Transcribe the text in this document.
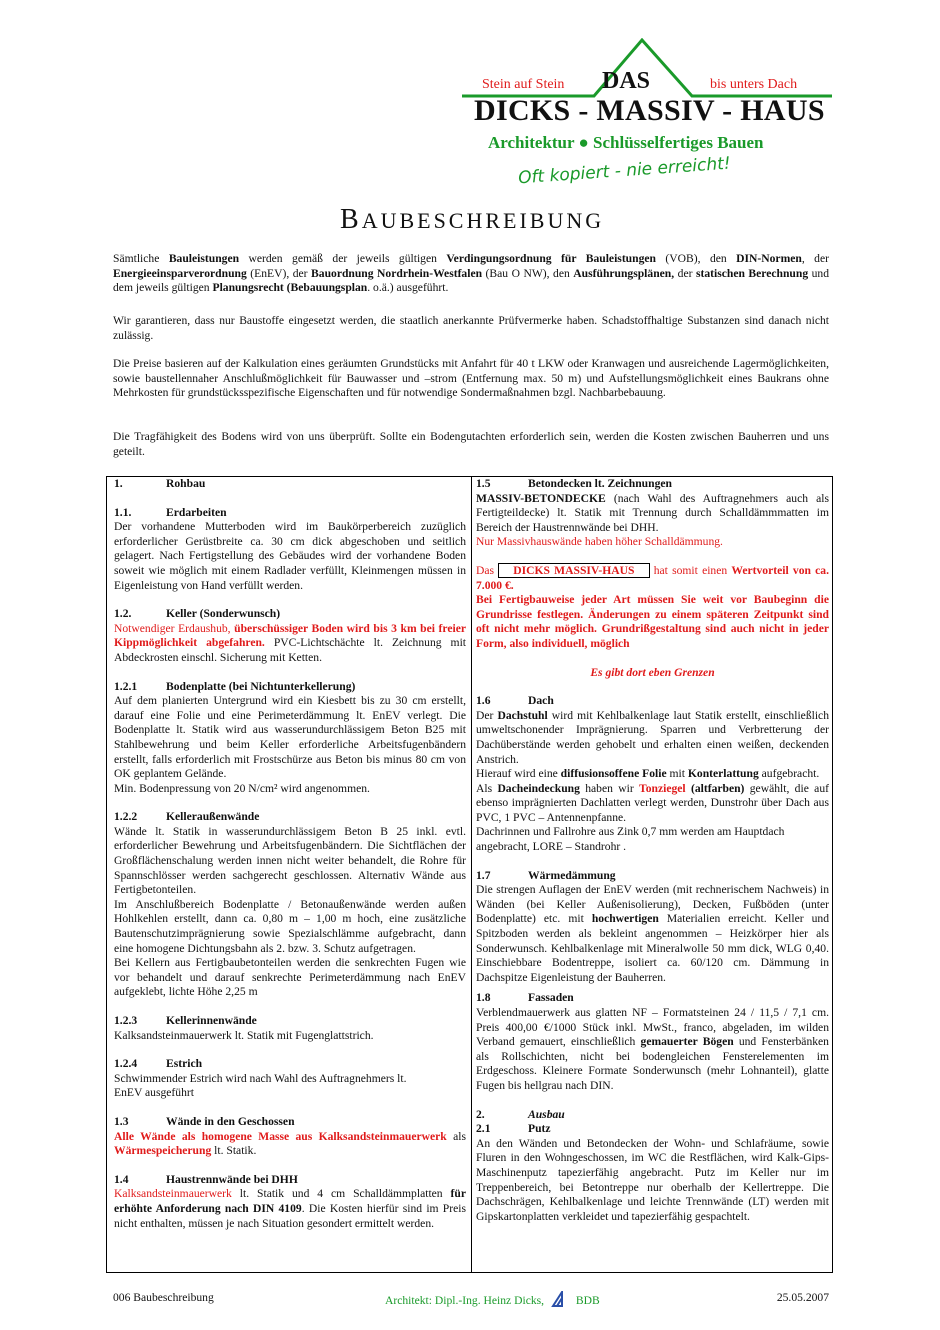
Stein auf Stein DAS	bis unters Dach
DICKS - MASSIV - HAUS
Architektur ● Schlüsselfertiges Bauen
Oft kopiert - nie erreicht!
BAUBESCHREIBUNG
Sämtliche Bauleistungen werden gemäß der jeweils gültigen Verdingungsordnung für Bauleistungen (VOB), den DIN-Normen, der Energieeinsparverordnung (EnEV), der Bauordnung Nordrhein-Westfalen (Bau O NW), den Ausführungsplänen, der statischen Berechnung und dem jeweils gültigen Planungsrecht (Bebauungsplan. o.ä.) ausgeführt.
Wir garantieren, dass nur Baustoffe eingesetzt werden, die staatlich anerkannte Prüfvermerke haben. Schadstoffhaltige Substanzen sind danach nicht zulässig.
Die Preise basieren auf der Kalkulation eines geräumten Grundstücks mit Anfahrt für 40 t LKW oder Kranwagen und ausreichende Lagermöglichkeiten, sowie baustellennaher Anschlußmöglichkeit für Bauwasser und –strom (Entfernung max. 50 m) und Aufstellungsmöglichkeit eines Baukrans ohne Mehrkosten für grundstücksspezifische Eigenschaften und für notwendige Sondermaßnahmen bzgl. Nachbarbebauung.
Die Tragfähigkeit des Bodens wird von uns überprüft. Sollte ein Bodengutachten erforderlich sein, werden die Kosten zwischen Bauherren und uns geteilt.
1.	Rohbau
1.1.	Erdarbeiten
Der vorhandene Mutterboden wird im Baukörperbereich zuzüglich erforderlicher Gerüstbreite ca. 30 cm dick abgeschoben und seitlich gelagert. Nach Fertigstellung des Gebäudes wird der vorhandene Boden soweit wie möglich mit einem Radlader verfüllt, Kleinmengen müssen in Eigenleistung von Hand verfüllt werden.
1.2.	Keller (Sonderwunsch)
Notwendiger Erdaushub, überschüssiger Boden wird bis 3 km bei freier Kippmöglichkeit abgefahren. PVC-Lichtschächte lt. Zeichnung mit Abdeckrosten einschl. Sicherung mit Ketten.
1.2.1	Bodenplatte (bei Nichtunterkellerung)
Auf dem planierten Untergrund wird ein Kiesbett bis zu 30 cm erstellt, darauf eine Folie und eine Perimeterdämmung lt. EnEV verlegt. Die Bodenplatte lt. Statik wird aus wasserundurchlässigem Beton B25 mit Stahlbewehrung und beim Keller erforderliche Arbeitsfugenbändern erstellt, falls erforderlich mit Frostschürze aus Beton bis minus 80 cm von OK geplantem Gelände.
Min. Bodenpressung von 20 N/cm² wird angenommen.
1.2.2	Kelleraußenwände
Wände lt. Statik in wasserundurchlässigem Beton B 25 inkl. evtl. erforderlicher Bewehrung und Arbeitsfugenbändern. Die Sichtflächen der Großflächenschalung werden innen nicht weiter behandelt, die Rohre für Spannschlösser werden sachgerecht geschlossen. Alternativ Wände aus Fertigbetonteilen.
Im Anschlußbereich Bodenplatte / Betonaußenwände werden außen Hohlkehlen erstellt, dann ca. 0,80 m – 1,00 m hoch, eine zusätzliche Bautenschutzimprägnierung sowie Spezialschlämme aufgebracht, dann eine homogene Dichtungsbahn als 2. bzw. 3. Schutz aufgetragen.
Bei Kellern aus Fertigbaubetonteilen werden die senkrechten Fugen wie vor behandelt und darauf senkrechte Perimeterdämmung nach EnEV aufgeklebt, lichte Höhe 2,25 m
1.2.3	Kellerinnenwände
Kalksandsteinmauerwerk lt. Statik mit Fugenglattstrich.
1.2.4	Estrich
Schwimmender Estrich wird nach Wahl des Auftragnehmers lt. EnEV ausgeführt
1.3	Wände in den Geschossen
Alle Wände als homogene Masse aus Kalksandsteinmauerwerk als Wärmespeicherung lt. Statik.
1.4	Haustrennwände bei DHH
Kalksandsteinmauerwerk lt. Statik und 4 cm Schalldämmplatten für erhöhte Anforderung nach DIN 4109. Die Kosten hierfür sind im Preis nicht enthalten, müssen je nach Situation gesondert ermittelt werden.
1.5	Betondecken lt. Zeichnungen
MASSIV-BETONDECKE (nach Wahl des Auftragnehmers auch als Fertigteildecke) lt. Statik mit Trennung durch Schalldämmmatten im Bereich der Haustrennwände bei DHH.
Nur Massivhauswände haben höher Schalldämmung.
Das DICKS MASSIV-HAUS hat somit einen Wertvorteil von ca. 7.000 €.
Bei Fertigbauweise jeder Art müssen Sie weit vor Baubeginn die Grundrisse festlegen. Änderungen zu einem späteren Zeitpunkt sind oft nicht mehr möglich. Grundrißgestaltung sind auch nicht in jeder Form, also individuell, möglich
Es gibt dort eben Grenzen
1.6	Dach
Der Dachstuhl wird mit Kehlbalkenlage laut Statik erstellt, einschließlich umweltschonender Imprägnierung. Sparren und Verbretterung der Dachüberstände werden gehobelt und erhalten einen weißen, deckenden Anstrich.
Hierauf wird eine diffusionsoffene Folie mit Konterlattung aufgebracht.
Als Dacheindeckung haben wir Tonziegel (altfarben) gewählt, die auf ebenso imprägnierten Dachlatten verlegt werden, Dunstrohr über Dach aus PVC, 1 PVC – Antennenpfanne.
Dachrinnen und Fallrohre aus Zink 0,7 mm werden am Hauptdach angebracht, LORE – Standrohr .
1.7	Wärmedämmung
Die strengen Auflagen der EnEV werden (mit rechnerischem Nachweis) in Wänden (bei Keller Außenisolierung), Decken, Fußböden (unter Bodenplatte) etc. mit hochwertigen Materialien erreicht. Keller und Spitzboden werden als bekleint angenommen – Heizkörper hier als Sonderwunsch. Kehlbalkenlage mit Mineralwolle 50 mm dick, WLG 0,40. Einschiebbare Bodentreppe, isoliert ca. 60/120 cm. Dämmung in Dachspitze Eigenleistung der Bauherren.
1.8	Fassaden
Verblendmauerwerk aus glatten NF – Formatsteinen 24 / 11,5 / 7,1 cm. Preis 400,00 €/1000 Stück inkl. MwSt., franco, abgeladen, im wilden Verband gemauert, einschließlich gemauerter Bögen und Fensterbänken als Rollschichten, nicht bei bodengleichen Fensterelementen im Erdgeschoss. Kleinere Formate Sonderwunsch (mehr Lohnanteil), glatte Fugen bis hellgrau nach DIN.
2.	Ausbau
2.1	Putz
An den Wänden und Betondecken der Wohn- und Schlafräume, sowie Fluren in den Wohngeschossen, im WC die Restflächen, wird Kalk-Gips-Maschinenputz tapezierfähig angebracht. Putz im Keller nur im Treppenbereich, bei Betontreppe nur oberhalb der Kellertreppe. Die Dachschrägen, Kehlbalkenlage und leichte Trennwände (LT) werden mit Gipskartonplatten verkleidet und tapezierfähig gespachtelt.
006 Baubeschreibung	Architekt: Dipl.-Ing. Heinz Dicks,	BDB	25.05.2007
